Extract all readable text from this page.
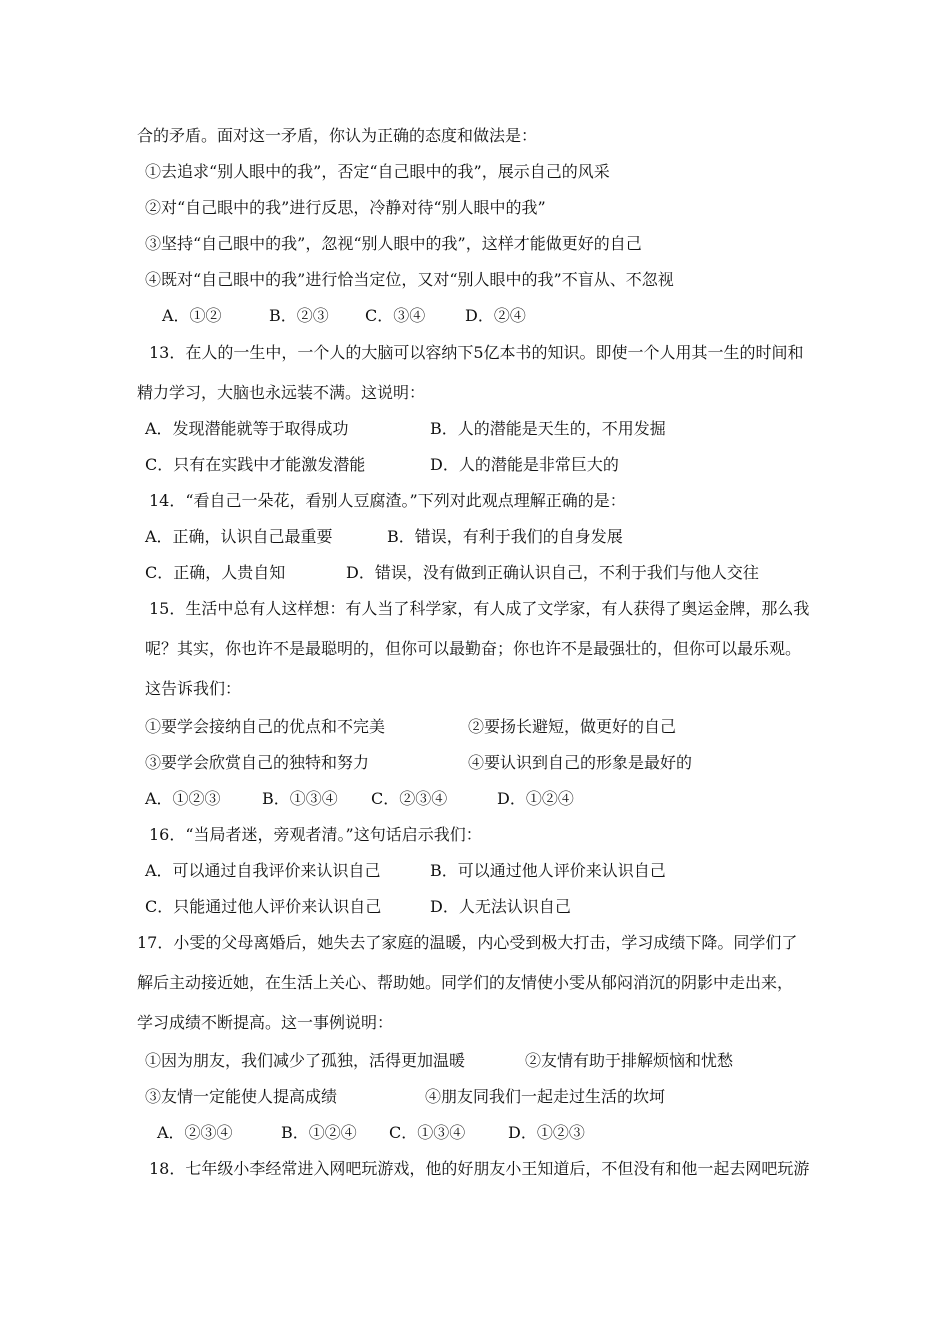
合的矛盾。面对这一矛盾，你认为正确的态度和做法是：
①去追求“别人眼中的我”，否定“自己眼中的我”，展示自己的风采
②对“自己眼中的我”进行反思，冷静对待“别人眼中的我”
③坚持“自己眼中的我”，忽视“别人眼中的我”，这样才能做更好的自己
④既对“自己眼中的我”进行恰当定位，又对“别人眼中的我”不盲从、不忽视
A．①②	B．②③ C．③④ D．②④
13．在人的一生中，一个人的大脑可以容纳下5亿本书的知识。即使一个人用其一生的时间和
精力学习，大脑也永远装不满。这说明：
A．发现潜能就等于取得成功	B．人的潜能是天生的，不用发掘
C．只有在实践中才能激发潜能	D．人的潜能是非常巨大的
14．“看自己一朵花，看别人豆腐渣。”下列对此观点理解正确的是：
A．正确，认识自己最重要	B．错误，有利于我们的自身发展
C．正确，人贵自知	D．错误，没有做到正确认识自己，不利于我们与他人交往
15．生活中总有人这样想：有人当了科学家，有人成了文学家，有人获得了奥运金牌，那么我
呢？其实，你也许不是最聪明的，但你可以最勤奋；你也许不是最强壮的，但你可以最乐观。
这告诉我们：
①要学会接纳自己的优点和不完美	②要扬长避短，做更好的自己
③要学会欣赏自己的独特和努力	④要认识到自己的形象是最好的
A．①②③	B．①③④ C．②③④	D．①②④
16．“当局者迷，旁观者清。”这句话启示我们：
A．可以通过自我评价来认识自己	B．可以通过他人评价来认识自己
C．只能通过他人评价来认识自己	D．人无法认识自己
17．小雯的父母离婚后，她失去了家庭的温暖，内心受到极大打击，学习成绩下降。同学们了
解后主动接近她，在生活上关心、帮助她。同学们的友情使小雯从郁闷消沉的阴影中走出来，
学习成绩不断提高。这一事例说明：
①因为朋友，我们减少了孤独，活得更加温暖	②友情有助于排解烦恼和忧愁
③友情一定能使人提高成绩	④朋友同我们一起走过生活的坎坷
A．②③④	B．①②④ C．①③④	D．①②③
18．七年级小李经常进入网吧玩游戏，他的好朋友小王知道后，不但没有和他一起去网吧玩游
